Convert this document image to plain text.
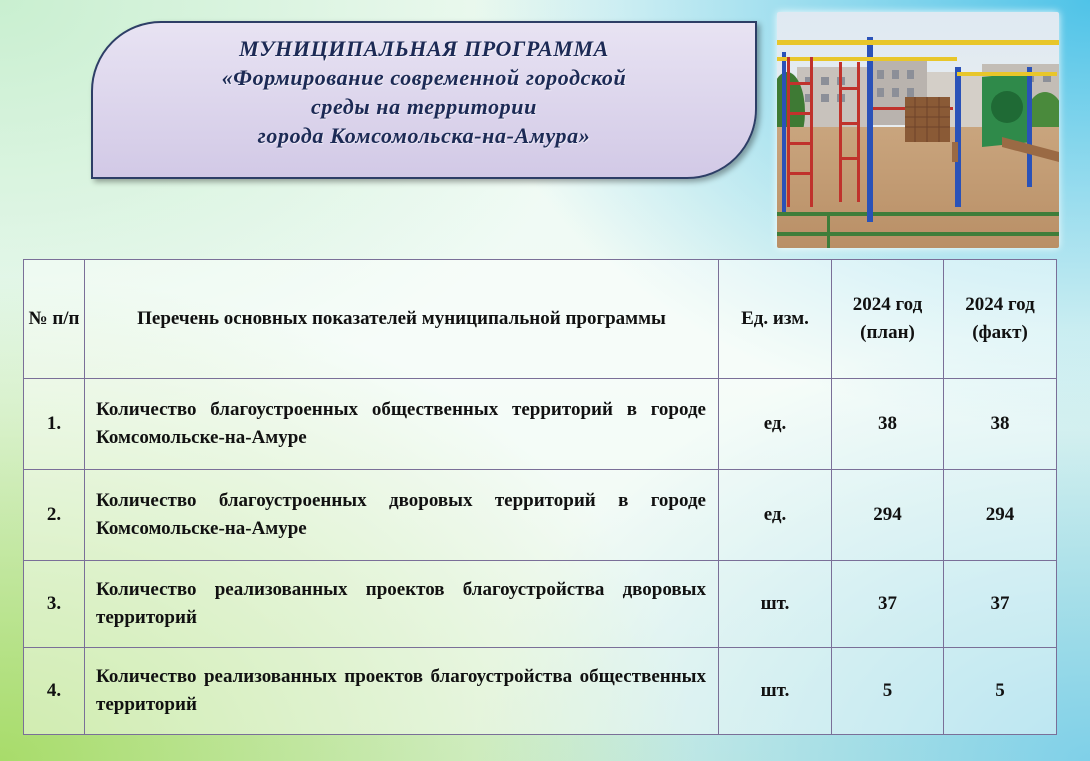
МУНИЦИПАЛЬНАЯ ПРОГРАММА
«Формирование современной городской
среды на территории
города Комсомольска-на-Амура»
№ п/п	Перечень основных показателей муниципальной программы	Ед. изм.	2024 год (план)	2024 год (факт)
1.	Количество благоустроенных общественных территорий в городе Комсомольске-на-Амуре	ед.	38	38
2.	Количество благоустроенных дворовых территорий в городе Комсомольске-на-Амуре	ед.	294	294
3.	Количество реализованных проектов благоустройства дворовых территорий	шт.	37	37
4.	Количество реализованных проектов благоустройства общественных территорий	шт.	5	5
